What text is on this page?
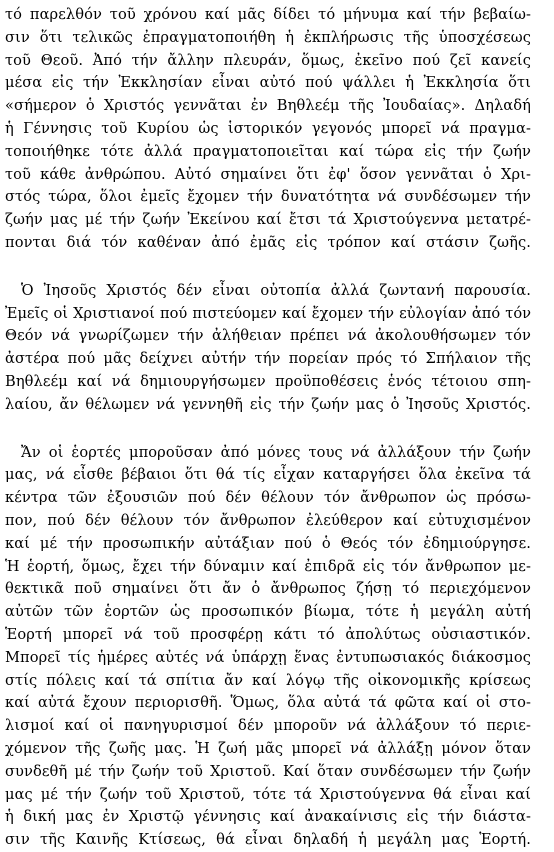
τό παρελθόν τοῦ χρόνου καί μᾶς δίδει τό μήνυμα καί τήν βεβαίω-
σιν ὅτι τελικῶς ἐπραγματοποιήθη ἡ ἐκπλήρωσις τῆς ὑποσχέσεως
τοῦ Θεοῦ. Ἀπό τήν ἄλλην πλευράν, ὅμως, ἐκεῖνο πού ζεῖ κανείς
μέσα εἰς τήν Ἐκκλησίαν εἶναι αὐτό πού ψάλλει ἡ Ἐκκλησία ὅτι
«σήμερον ὁ Χριστός γεννᾶται ἐν Βηθλεέμ τῆς Ἰουδαίας». Δηλαδή
ἡ Γέννησις τοῦ Κυρίου ὡς ἱστορικόν γεγονός μπορεῖ νά πραγμα-
τοποιήθηκε τότε ἀλλά πραγματοποιεῖται καί τώρα εἰς τήν ζωήν
τοῦ κάθε ἀνθρώπου. Αὐτό σημαίνει ὅτι ἐφ' ὅσον γεννᾶται ὁ Χρι-
στός τώρα, ὅλοι ἐμεῖς ἔχομεν τήν δυνατότητα νά συνδέσωμεν τήν
ζωήν μας μέ τήν ζωήν Ἐκείνου καί ἔτσι τά Χριστούγεννα μετατρέ-
πονται διά τόν καθέναν ἀπό ἐμᾶς εἰς τρόπον καί στάσιν ζωῆς.
Ὁ Ἰησοῦς Χριστός δέν εἶναι οὐτοπία ἀλλά ζωντανή παρουσία.
Ἐμεῖς οἱ Χριστιανοί πού πιστεύομεν καί ἔχομεν τήν εὐλογίαν ἀπό τόν
Θεόν νά γνωρίζωμεν τήν ἀλήθειαν πρέπει νά ἀκολουθήσωμεν τόν
ἀστέρα πού μᾶς δείχνει αὐτήν τήν πορείαν πρός τό Σπήλαιον τῆς
Βηθλεέμ καί νά δημιουργήσωμεν προϋποθέσεις ἑνός τέτοιου σπη-
λαίου, ἄν θέλωμεν νά γεννηθῆ εἰς τήν ζωήν μας ὁ Ἰησοῦς Χριστός.
Ἄν οἱ ἑορτές μποροῦσαν ἀπό μόνες τους νά ἀλλάξουν τήν ζωήν
μας, νά εἶσθε βέβαιοι ὅτι θά τίς εἶχαν καταργήσει ὅλα ἐκεῖνα τά
κέντρα τῶν ἐξουσιῶν πού δέν θέλουν τόν ἄνθρωπον ὡς πρόσω-
πον, πού δέν θέλουν τόν ἄνθρωπον ἐλεύθερον καί εὐτυχισμένον
καί μέ τήν προσωπικήν αὐτάξιαν πού ὁ Θεός τόν ἐδημιούργησε.
Ἡ ἑορτή, ὅμως, ἔχει τήν δύναμιν καί ἐπιδρᾶ εἰς τόν ἄνθρωπον με-
θεκτικᾶ ποῦ σημαίνει ὅτι ἄν ὁ ἄνθρωπος ζήσῃ τό περιεχόμενον
αὐτῶν τῶν ἑορτῶν ὡς προσωπικόν βίωμα, τότε ἡ μεγάλη αὐτή
Ἑορτή μπορεῖ νά τοῦ προσφέρῃ κάτι τό ἀπολύτως οὐσιαστικόν.
Μπορεῖ τίς ἡμέρες αὐτές νά ὑπάρχῃ ἕνας ἐντυπωσιακός διάκοσμος
στίς πόλεις καί τά σπίτια ἄν καί λόγῳ τῆς οἰκονομικῆς κρίσεως
καί αὐτά ἔχουν περιορισθῆ. Ὅμως, ὅλα αὐτά τά φῶτα καί οἱ στο-
λισμοί καί οἱ πανηγυρισμοί δέν μποροῦν νά ἀλλάξουν τό περιε-
χόμενον τῆς ζωῆς μας. Ἡ ζωή μᾶς μπορεῖ νά ἀλλάξῃ μόνον ὅταν
συνδεθῆ μέ τήν ζωήν τοῦ Χριστοῦ. Καί ὅταν συνδέσωμεν τήν ζωήν
μας μέ τήν ζωήν τοῦ Χριστοῦ, τότε τά Χριστούγεννα θά εἶναι καί
ἡ δική μας ἐν Χριστῷ γέννησις καί ἀνακαίνισις εἰς τήν διάστα-
σιν τῆς Καινῆς Κτίσεως, θά εἶναι δηλαδή ἡ μεγάλη μας Ἑορτή.
